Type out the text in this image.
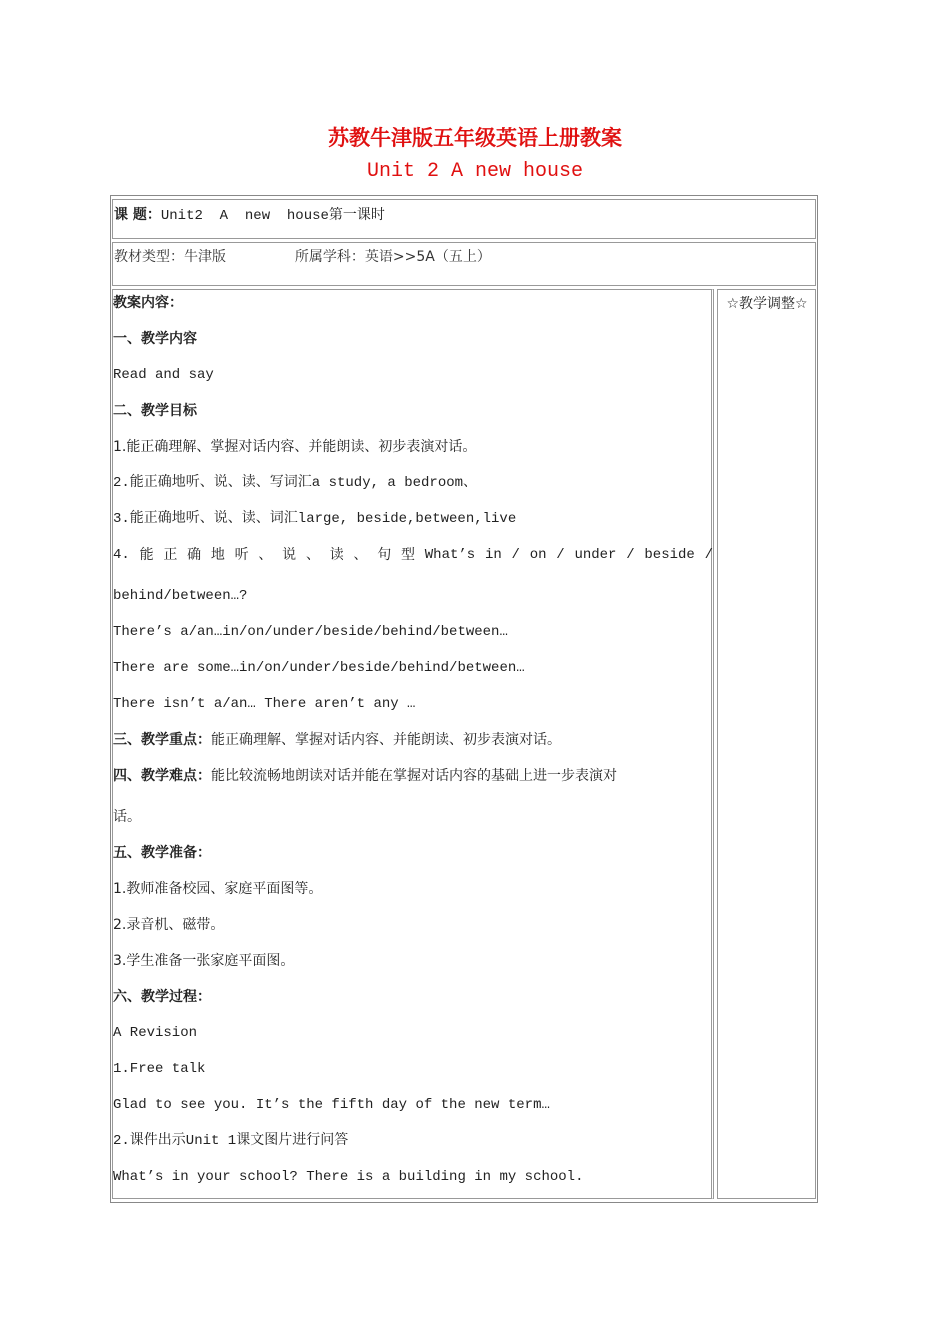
苏教牛津版五年级英语上册教案
Unit 2 A new house
课 题：Unit2  A  new  house第一课时
教材类型：牛津版	所属学科：英语>>5A（五上）
☆教学调整☆
教案内容：
一、教学内容
Read and say
二、教学目标
1.能正确理解、掌握对话内容、并能朗读、初步表演对话。
2.能正确地听、说、读、写词汇a study, a bedroom、
3.能正确地听、说、读、词汇large, beside,between,live
4. 能 正 确 地 听 、 说 、 读 、 句 型 What’s in / on / under / beside /
behind/between…?
There’s a/an…in/on/under/beside/behind/between…
There are some…in/on/under/beside/behind/between…
There isn’t a/an… There aren’t any …
三、教学重点：能正确理解、掌握对话内容、并能朗读、初步表演对话。
四、教学难点：能比较流畅地朗读对话并能在掌握对话内容的基础上进一步表演对
话。
五、教学准备：
1.教师准备校园、家庭平面图等。
2.录音机、磁带。
3.学生准备一张家庭平面图。
六、教学过程：
A Revision
1.Free talk
Glad to see you. It’s the fifth day of the new term…
2.课件出示Unit 1课文图片进行问答
What’s in your school? There is a building in my school.
